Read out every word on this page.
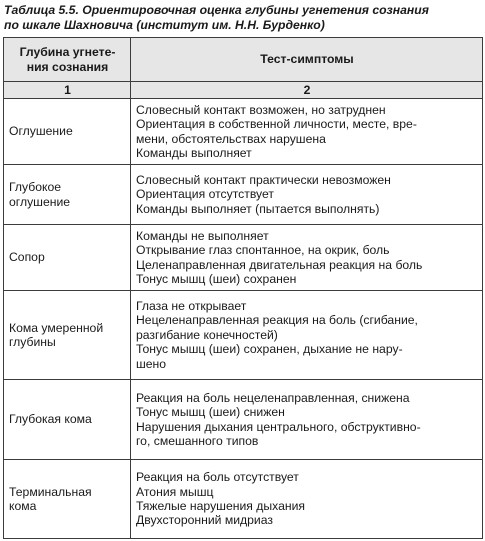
Таблица 5.5. Ориентировочная оценка глубины угнетения сознания
по шкале Шахновича (институт им. Н.Н. Бурденко)
Глубина угнете-
ния сознания	Тест-симптомы
1	2

Оглушение	Словесный контакт возможен, но затруднен
Ориентация в собственной личности, месте, вре-
мени, обстоятельствах нарушена
Команды выполняет

Глубокое
оглушение	Словесный контакт практически невозможен
Ориентация отсутствует
Команды выполняет (пытается выполнять)

Сопор	Команды не выполняет
Открывание глаз спонтанное, на окрик, боль
Целенаправленная двигательная реакция на боль
Тонус мышц (шеи) сохранен

Кома умеренной
глубины	Глаза не открывает
Нецеленаправленная реакция на боль (сгибание,
разгибание конечностей)
Тонус мышц (шеи) сохранен, дыхание не нару-
шено

Глубокая кома	Реакция на боль нецеленаправленная, снижена
Тонус мышц (шеи) снижен
Нарушения дыхания центрального, обструктивно-
го, смешанного типов

Терминальная
кома	Реакция на боль отсутствует
Атония мышц
Тяжелые нарушения дыхания
Двухсторонний мидриаз
